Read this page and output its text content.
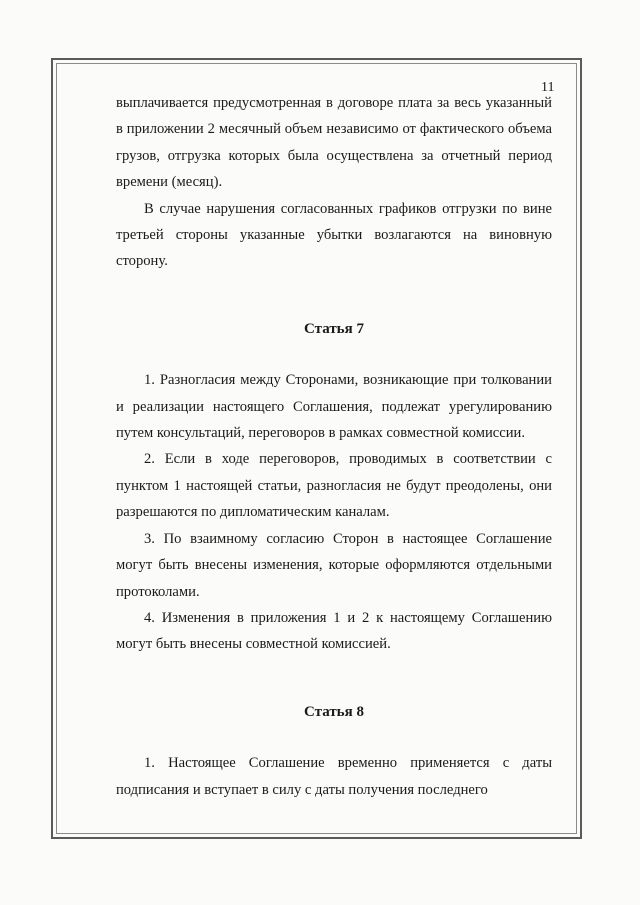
11

выплачивается предусмотренная в договоре плата за весь указанный в приложении 2 месячный объем независимо от фактического объема грузов, отгрузка которых была осуществлена за отчетный период времени (месяц).

В случае нарушения согласованных графиков отгрузки по вине третьей стороны указанные убытки возлагаются на виновную сторону.

Статья 7

1. Разногласия между Сторонами, возникающие при толковании и реализации настоящего Соглашения, подлежат урегулированию путем консультаций, переговоров в рамках совместной комиссии.

2. Если в ходе переговоров, проводимых в соответствии с пунктом 1 настоящей статьи, разногласия не будут преодолены, они разрешаются по дипломатическим каналам.

3. По взаимному согласию Сторон в настоящее Соглашение могут быть внесены изменения, которые оформляются отдельными протоколами.

4. Изменения в приложения 1 и 2 к настоящему Соглашению могут быть внесены совместной комиссией.

Статья 8

1. Настоящее Соглашение временно применяется с даты подписания и вступает в силу с даты получения последнего
